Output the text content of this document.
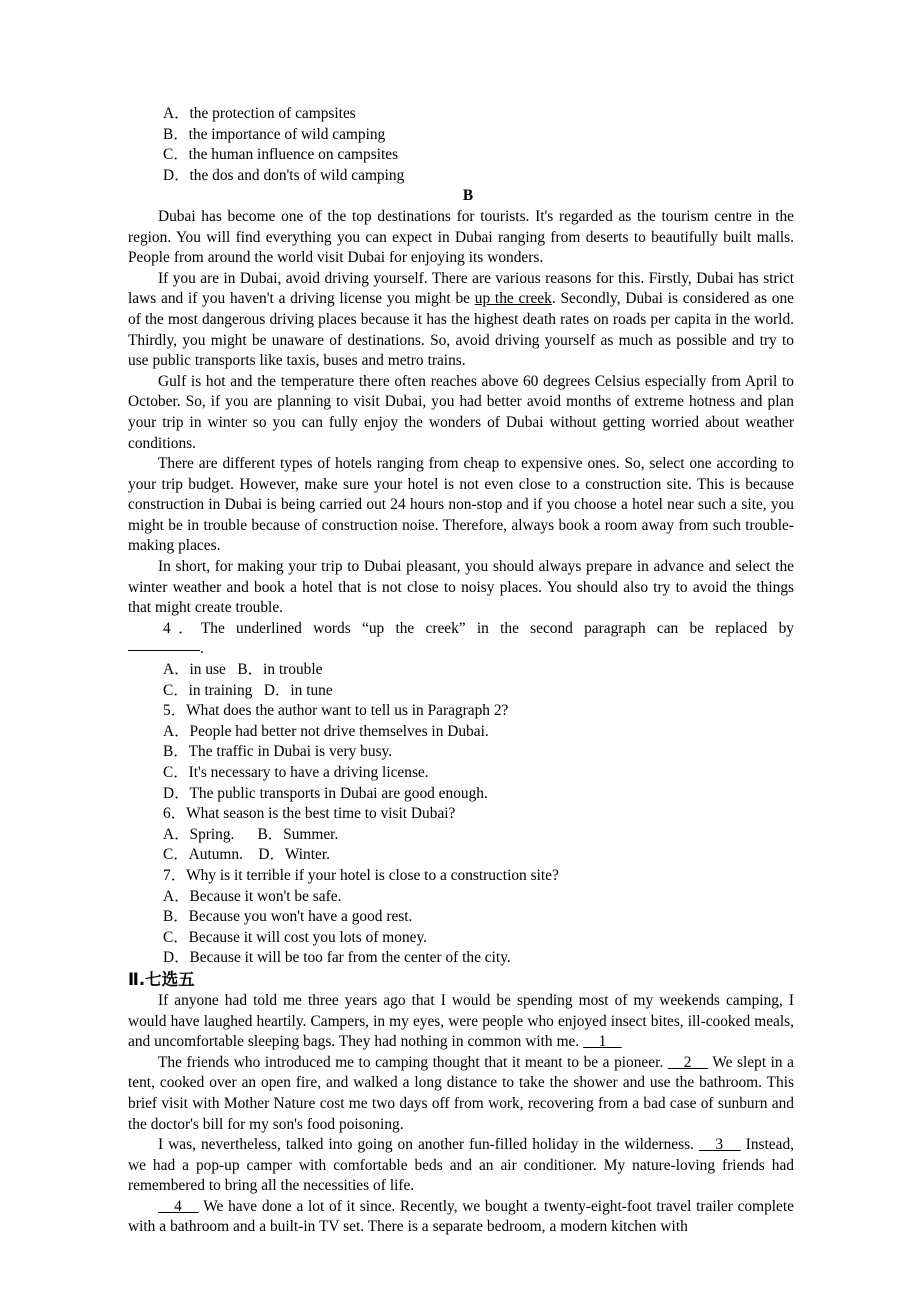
A．the protection of campsites
B．the importance of wild camping
C．the human influence on campsites
D．the dos and don'ts of wild camping
B

Dubai has become one of the top destinations for tourists. It's regarded as the tourism centre in the region. You will find everything you can expect in Dubai ranging from deserts to beautifully built malls. People from around the world visit Dubai for enjoying its wonders.

If you are in Dubai, avoid driving yourself. There are various reasons for this. Firstly, Dubai has strict laws and if you haven't a driving license you might be up the creek. Secondly, Dubai is considered as one of the most dangerous driving places because it has the highest death rates on roads per capita in the world. Thirdly, you might be unaware of destinations. So, avoid driving yourself as much as possible and try to use public transports like taxis, buses and metro trains.

Gulf is hot and the temperature there often reaches above 60 degrees Celsius especially from April to October. So, if you are planning to visit Dubai, you had better avoid months of extreme hotness and plan your trip in winter so you can fully enjoy the wonders of Dubai without getting worried about weather conditions.

There are different types of hotels ranging from cheap to expensive ones. So, select one according to your trip budget. However, make sure your hotel is not even close to a construction site. This is because construction in Dubai is being carried out 24 hours non-stop and if you choose a hotel near such a site, you might be in trouble because of construction noise. Therefore, always book a room away from such trouble-making places.

In short, for making your trip to Dubai pleasant, you should always prepare in advance and select the winter weather and book a hotel that is not close to noisy places. You should also try to avoid the things that might create trouble.

4．The underlined words “up the creek” in the second paragraph can be replaced by

.

A．in use   B．in trouble
C．in training   D．in tune
5．What does the author want to tell us in Paragraph 2?
A．People had better not drive themselves in Dubai.
B．The traffic in Dubai is very busy.
C．It's necessary to have a driving license.
D．The public transports in Dubai are good enough.
6．What season is the best time to visit Dubai?
A．Spring.      B．Summer.
C．Autumn.    D．Winter.
7．Why is it terrible if your hotel is close to a construction site?
A．Because it won't be safe.
B．Because you won't have a good rest.
C．Because it will cost you lots of money.
D．Because it will be too far from the center of the city.
Ⅱ.七选五

If anyone had told me three years ago that I would be spending most of my weekends camping, I would have laughed heartily. Campers, in my eyes, were people who enjoyed insect bites, ill-cooked meals, and uncomfortable sleeping bags. They had nothing in common with me. 　1　

The friends who introduced me to camping thought that it meant to be a pioneer. 　2　 We slept in a tent, cooked over an open fire, and walked a long distance to take the shower and use the bathroom. This brief visit with Mother Nature cost me two days off from work, recovering from a bad case of sunburn and the doctor's bill for my son's food poisoning.

I was, nevertheless, talked into going on another fun-filled holiday in the wilderness. 　3　 Instead, we had a pop-up camper with comfortable beds and an air conditioner. My nature-loving friends had remembered to bring all the necessities of life.

　4　 We have done a lot of it since. Recently, we bought a twenty-eight-foot travel trailer complete with a bathroom and a built-in TV set. There is a separate bedroom, a modern kitchen with
